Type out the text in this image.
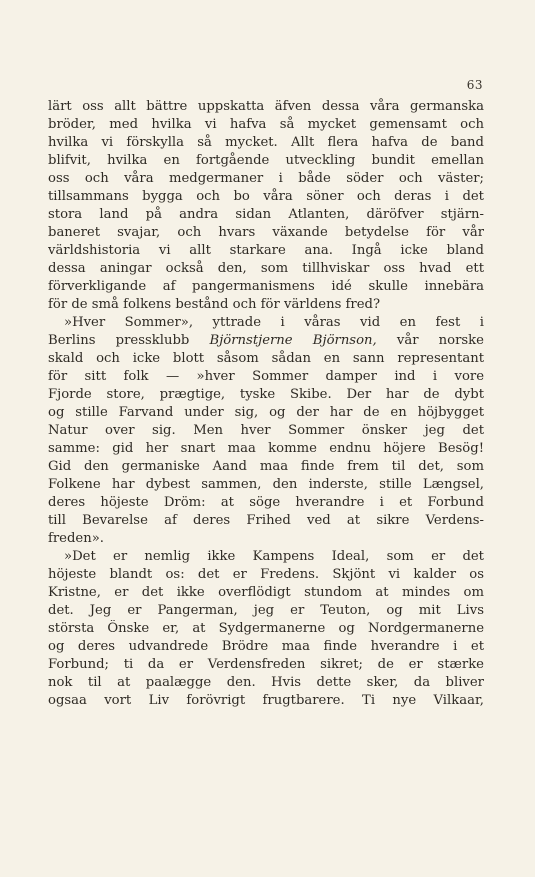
63
lärt oss allt bättre uppskatta äfven dessa våra germanska
bröder, med hvilka vi hafva så mycket gemensamt och
hvilka vi förskylla så mycket. Allt flera hafva de band
blifvit, hvilka en fortgående utveckling bundit emellan
oss och våra medgermaner i både söder och väster;
tillsammans bygga och bo våra söner och deras i det
stora land på andra sidan Atlanten, däröfver stjärn-
baneret svajar, och hvars växande betydelse för vår
världshistoria vi allt starkare ana. Ingå icke bland
dessa aningar också den, som tillhviskar oss hvad ett
förverkligande af pangermanismens idé skulle innebära
för de små folkens bestånd och för världens fred?
»Hver Sommer», yttrade i våras vid en fest i
Berlins pressklubb Björnstjerne Björnson, vår norske
skald och icke blott såsom sådan en sann representant
för sitt folk — »hver Sommer damper ind i vore
Fjorde store, prægtige, tyske Skibe. Der har de dybt
og stille Farvand under sig, og der har de en höjbygget
Natur over sig. Men hver Sommer önsker jeg det
samme: gid her snart maa komme endnu höjere Besög!
Gid den germaniske Aand maa finde frem til det, som
Folkene har dybest sammen, den inderste, stille Længsel,
deres höjeste Dröm: at söge hverandre i et Forbund
till Bevarelse af deres Frihed ved at sikre Verdens-
freden».
»Det er nemlig ikke Kampens Ideal, som er det
höjeste blandt os: det er Fredens. Skjönt vi kalder os
Kristne, er det ikke overflödigt stundom at mindes om
det. Jeg er Pangerman, jeg er Teuton, og mit Livs
största Önske er, at Sydgermanerne og Nordgermanerne
og deres udvandrede Brödre maa finde hverandre i et
Forbund; ti da er Verdensfreden sikret; de er stærke
nok til at paalægge den. Hvis dette sker, da bliver
ogsaa vort Liv forövrigt frugtbarere. Ti nye Vilkaar,
